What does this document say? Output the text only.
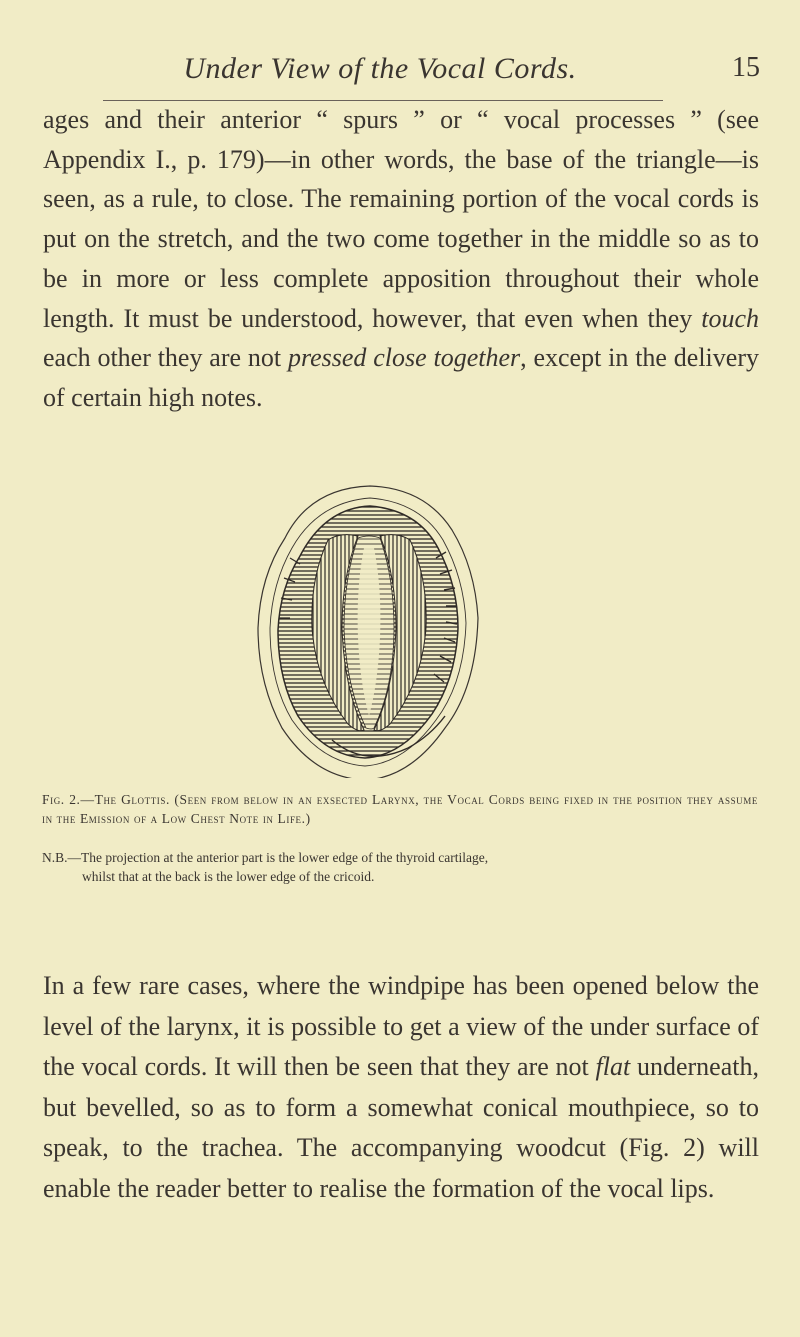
Under View of the Vocal Cords.	15

ages and their anterior “ spurs ” or “ vocal processes ” (see Appendix I., p. 179)—in other words, the base of the triangle—is seen, as a rule, to close. The remaining portion of the vocal cords is put on the stretch, and the two come together in the middle so as to be in more or less complete apposition throughout their whole length. It must be understood, however, that even when they touch each other they are not pressed close together, except in the delivery of certain high notes.

Fig. 2.—The Glottis. (Seen from below in an exsected Larynx, the Vocal Cords being fixed in the position they assume in the Emission of a Low Chest Note in Life.)

N.B.—The projection at the anterior part is the lower edge of the thyroid cartilage,
whilst that at the back is the lower edge of the cricoid.

In a few rare cases, where the windpipe has been opened below the level of the larynx, it is possible to get a view of the under surface of the vocal cords. It will then be seen that they are not flat underneath, but bevelled, so as to form a somewhat conical mouthpiece, so to speak, to the trachea. The accompanying woodcut (Fig. 2) will enable the reader better to realise the formation of the vocal lips.
